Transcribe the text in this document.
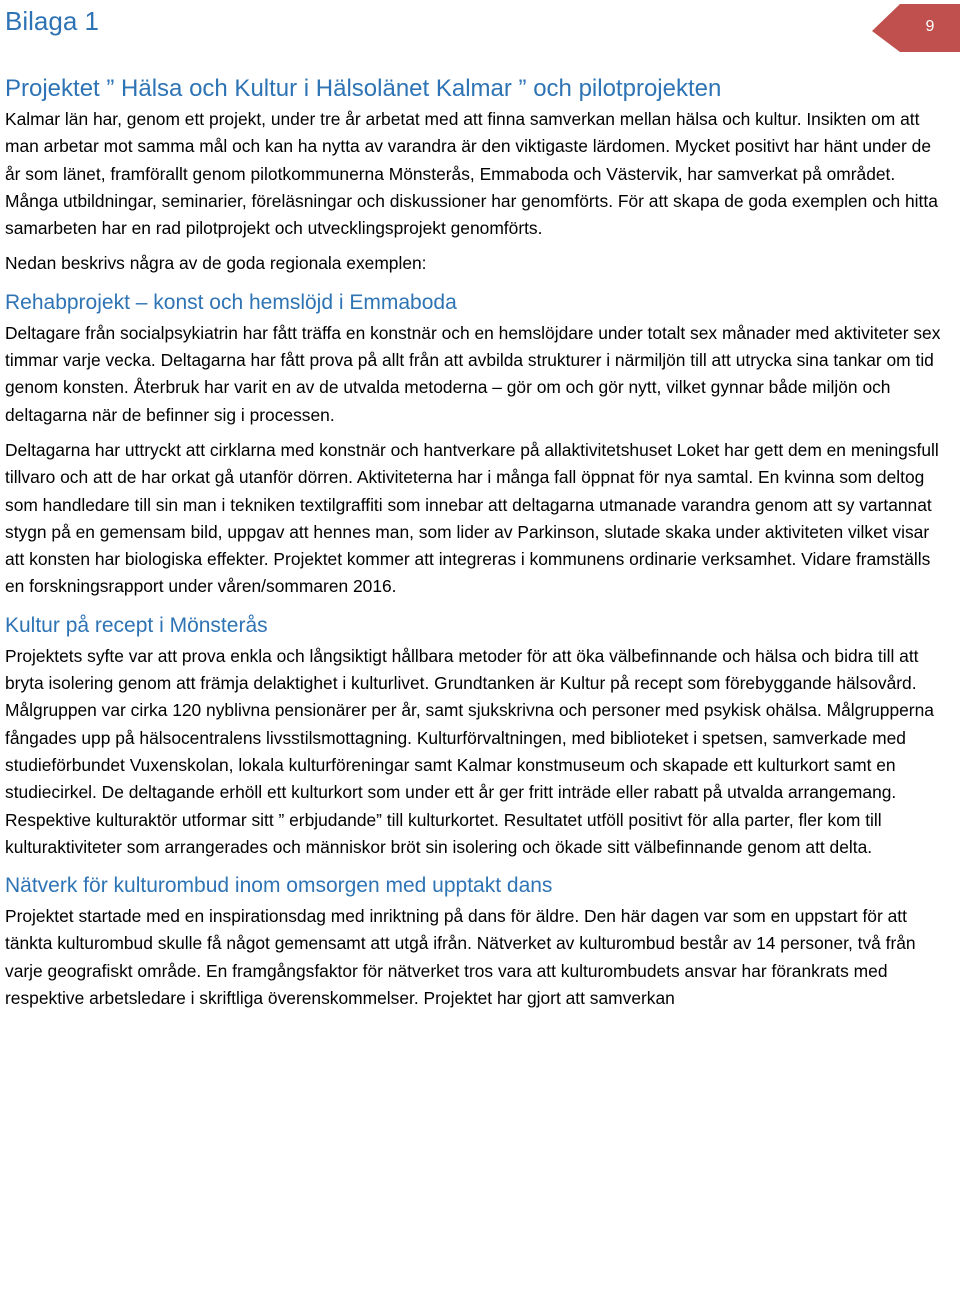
Bilaga 1	9
Projektet ” Hälsa och Kultur i Hälsolänet Kalmar ” och pilotprojekten

Kalmar län har, genom ett projekt, under tre år arbetat med att finna samverkan mellan hälsa och kultur. Insikten om att man arbetar mot samma mål och kan ha nytta av varandra är den viktigaste lärdomen. Mycket positivt har hänt under de år som länet, framförallt genom pilotkommunerna Mönsterås, Emmaboda och Västervik, har samverkat på området. Många utbildningar, seminarier, föreläsningar och diskussioner har genomförts. För att skapa de goda exemplen och hitta samarbeten har en rad pilotprojekt och utvecklingsprojekt genomförts.

Nedan beskrivs några av de goda regionala exemplen:

Rehabprojekt – konst och hemslöjd i Emmaboda

Deltagare från socialpsykiatrin har fått träffa en konstnär och en hemslöjdare under totalt sex månader med aktiviteter sex timmar varje vecka. Deltagarna har fått prova på allt från att avbilda strukturer i närmiljön till att utrycka sina tankar om tid genom konsten. Återbruk har varit en av de utvalda metoderna – gör om och gör nytt, vilket gynnar både miljön och deltagarna när de befinner sig i processen.

Deltagarna har uttryckt att cirklarna med konstnär och hantverkare på allaktivitetshuset Loket har gett dem en meningsfull tillvaro och att de har orkat gå utanför dörren. Aktiviteterna har i många fall öppnat för nya samtal. En kvinna som deltog som handledare till sin man i tekniken textilgraffiti som innebar att deltagarna utmanade varandra genom att sy vartannat stygn på en gemensam bild, uppgav att hennes man, som lider av Parkinson, slutade skaka under aktiviteten vilket visar att konsten har biologiska effekter. Projektet kommer att integreras i kommunens ordinarie verksamhet. Vidare framställs en forskningsrapport under våren/sommaren 2016.

Kultur på recept i Mönsterås

Projektets syfte var att prova enkla och långsiktigt hållbara metoder för att öka välbefinnande och hälsa och bidra till att bryta isolering genom att främja delaktighet i kulturlivet. Grundtanken är Kultur på recept som förebyggande hälsovård. Målgruppen var cirka 120 nyblivna pensionärer per år, samt sjukskrivna och personer med psykisk ohälsa. Målgrupperna fångades upp på hälsocentralens livsstilsmottagning. Kulturförvaltningen, med biblioteket i spetsen, samverkade med studieförbundet Vuxenskolan, lokala kulturföreningar samt Kalmar konstmuseum och skapade ett kulturkort samt en studiecirkel. De deltagande erhöll ett kulturkort som under ett år ger fritt inträde eller rabatt på utvalda arrangemang. Respektive kulturaktör utformar sitt ” erbjudande” till kulturkortet. Resultatet utföll positivt för alla parter, fler kom till kulturaktiviteter som arrangerades och människor bröt sin isolering och ökade sitt välbefinnande genom att delta.

Nätverk för kulturombud inom omsorgen med upptakt dans

Projektet startade med en inspirationsdag med inriktning på dans för äldre. Den här dagen var som en uppstart för att tänkta kulturombud skulle få något gemensamt att utgå ifrån. Nätverket av kulturombud består av 14 personer, två från varje geografiskt område. En framgångsfaktor för nätverket tros vara att kulturombudets ansvar har förankrats med respektive arbetsledare i skriftliga överenskommelser. Projektet har gjort att samverkan
